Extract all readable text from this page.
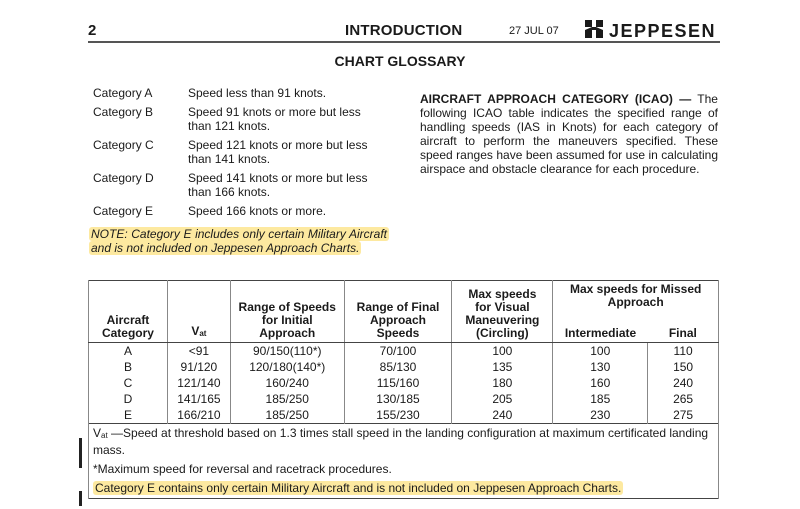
2	INTRODUCTION	27 JUL 07	JEPPESEN
CHART GLOSSARY
Category A	Speed less than 91 knots.
Category B	Speed 91 knots or more but less than 121 knots.
Category C	Speed 121 knots or more but less than 141 knots.
Category D	Speed 141 knots or more but less than 166 knots.
Category E	Speed 166 knots or more.
NOTE: Category E includes only certain Military Aircraft and is not included on Jeppesen Approach Charts.
AIRCRAFT APPROACH CATEGORY (ICAO) — The following ICAO table indicates the specified range of handling speeds (IAS in Knots) for each category of aircraft to perform the maneuvers specified. These speed ranges have been assumed for use in calculating airspace and obstacle clearance for each procedure.
Aircraft Category	$V_{at}$	Range of Speeds for Initial Approach	Range of Final Approach Speeds	Max speeds for Visual Maneuvering (Circling)	Max speeds for Missed Approach	
					Intermediate	Final
A	<91	90/150(110*)	70/100	100	100	110
B	91/120	120/180(140*)	85/130	135	130	150
C	121/140	160/240	115/160	180	160	240
D	141/165	185/250	130/185	205	185	265
E	166/210	185/250	155/230	240	230	275

$V_{at}$ —Speed at threshold based on 1.3 times stall speed in the landing configuration at maximum certificated landing mass.
*Maximum speed for reversal and racetrack procedures.
Category E contains only certain Military Aircraft and is not included on Jeppesen Approach Charts.						
